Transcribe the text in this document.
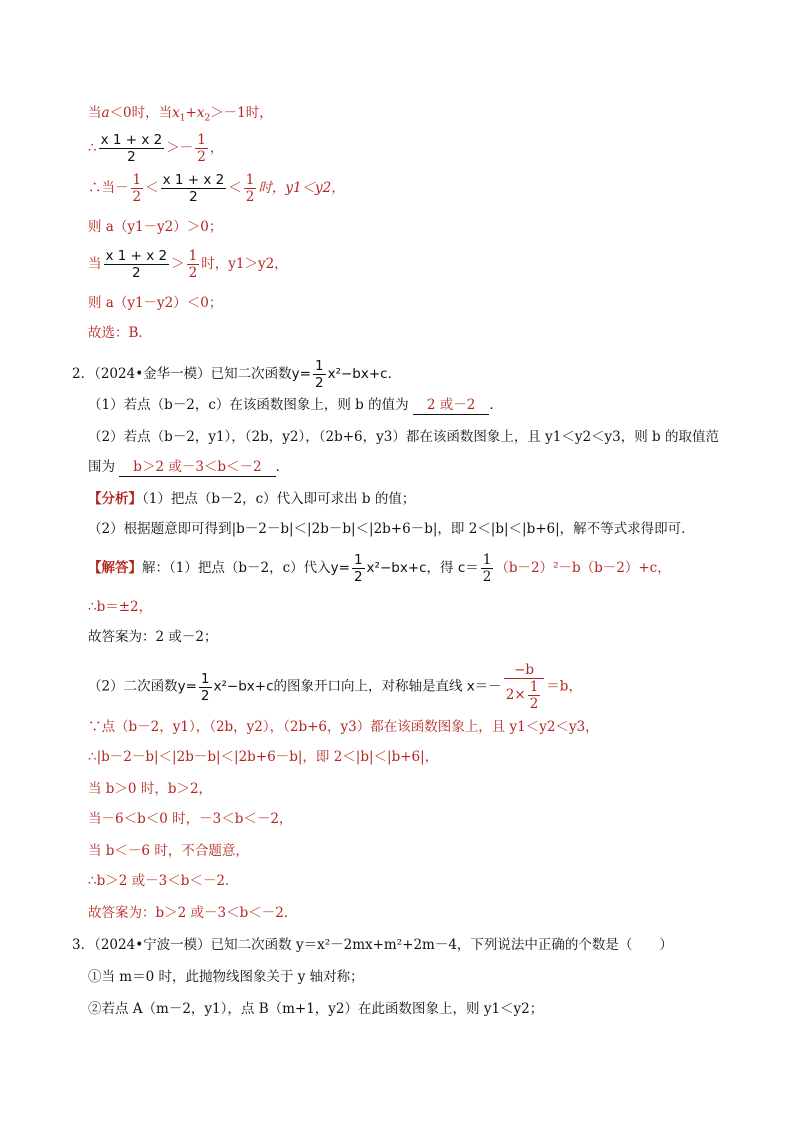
当a＜0时，当$x_1+x_2>-1$时，
∴ $\frac{x 1 + x 2}{2} >- \frac{1}{2}$ ，
∴当－ $\frac{1}{2} < \frac{x 1 + x 2}{2} < \frac{1}{2}$ 时，y1＜y2，
则 a（y1－y2）＞0；
当 $\frac{x 1 + x 2}{2} > \frac{1}{2}$ 时，y1＞y2，
则 a（y1－y2）＜0；
故选：B．
2．（2024•金华一模）已知二次函数$y= \frac{1}{2} x^2-bx+c$．
（1）若点（b－2，c）在该函数图象上，则 b 的值为 2 或－2 ．
（2）若点（b－2，y1），（2b，y2），（2b+6，y3）都在该函数图象上，且 y1＜y2＜y3，则 b 的取值范
围为 b＞2 或－3＜b＜－2 ．
【分析】（1）把点（b－2，c）代入即可求出 b 的值；
（2）根据题意即可得到|b－2－b|＜|2b－b|＜|2b+6－b|，即 2＜|b|＜|b+6|，解不等式求得即可．
【解答】解：（1）把点（b－2，c）代入$y= \frac{1}{2} x^2-bx+c$，得 $c= \frac{1}{2} (b-2)^2-b(b-2)+c$，
∴b＝±2，
故答案为：2 或－2；
（2）二次函数$y= \frac{1}{2} x^2-bx+c$的图象开口向上，对称轴是直线 $x=- \frac{-b}{2\times \frac{1}{2}} =b$，
∵点（b－2，y1），（2b，y2），（2b+6，y3）都在该函数图象上，且 y1＜y2＜y3，
∴|b－2－b|＜|2b－b|＜|2b+6－b|，即 2＜|b|＜|b+6|，
当 b＞0 时，b＞2，
当－6＜b＜0 时，－3＜b＜－2，
当 b＜－6 时，不合题意，
∴b＞2 或－3＜b＜－2．
故答案为：b＞2 或－3＜b＜－2．
3．（2024•宁波一模）已知二次函数 y＝x²－2mx+m²+2m－4，下列说法中正确的个数是（　　）
①当 m＝0 时，此抛物线图象关于 y 轴对称；
②若点 A（m－2，y1），点 B（m+1，y2）在此函数图象上，则 y1＜y2；
